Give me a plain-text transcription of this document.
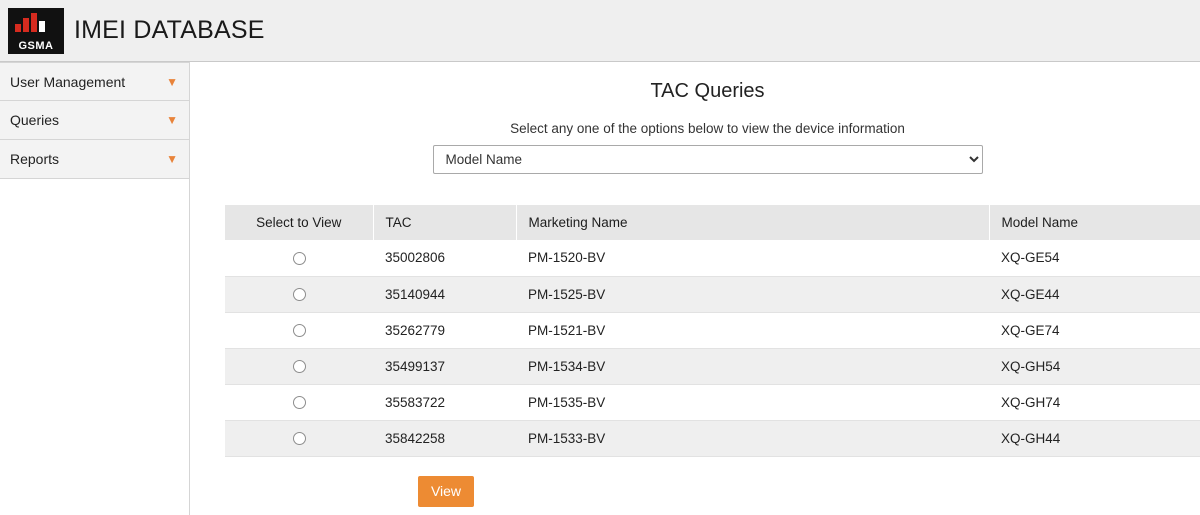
GSMA
IMEI DATABASE
User Management	▼
Queries	▼
Reports	▼
TAC Queries
Select any one of the options below to view the device information
Model Name
Select to View	TAC	Marketing Name	Model Name
	35002806	PM-1520-BV	XQ-GE54
	35140944	PM-1525-BV	XQ-GE44
	35262779	PM-1521-BV	XQ-GE74
	35499137	PM-1534-BV	XQ-GH54
	35583722	PM-1535-BV	XQ-GH74
	35842258	PM-1533-BV	XQ-GH44
View
